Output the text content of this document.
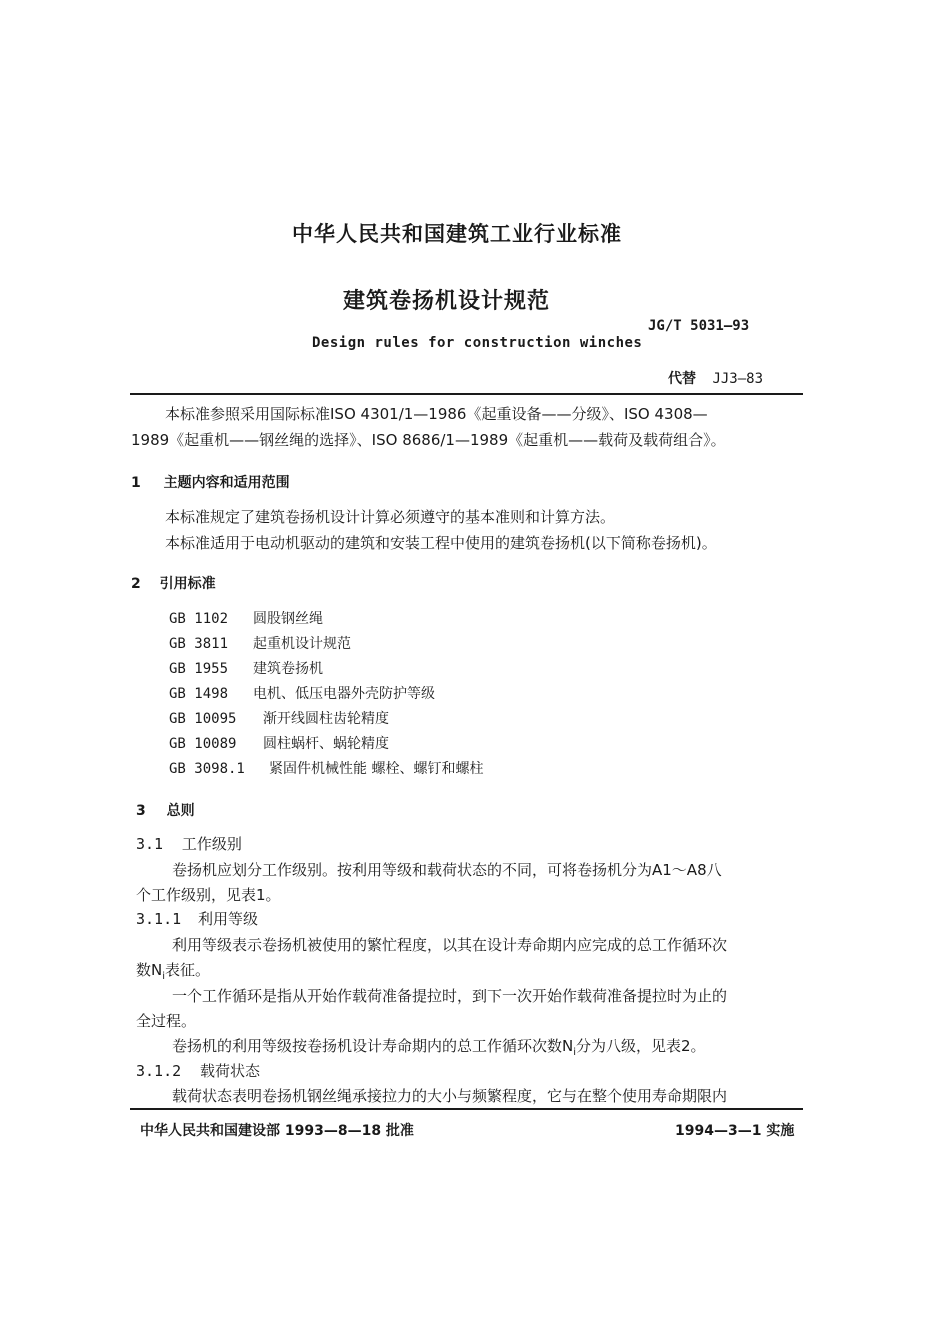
中华人民共和国建筑工业行业标准
建筑卷扬机设计规范
JG/T 5031—93
Design rules for construction winches
代替 JJ3—83
本标准参照采用国际标准ISO 4301/1—1986《起重设备——分级》、ISO 4308—
1989《起重机——钢丝绳的选择》、ISO 8686/1—1989《起重机——载荷及载荷组合》。
1 主题内容和适用范围
本标准规定了建筑卷扬机设计计算必须遵守的基本准则和计算方法。
本标准适用于电动机驱动的建筑和安装工程中使用的建筑卷扬机(以下简称卷扬机)。
2 引用标准
GB 1102 圆股钢丝绳
GB 3811 起重机设计规范
GB 1955 建筑卷扬机
GB 1498 电机、低压电器外壳防护等级
GB 10095 渐开线圆柱齿轮精度
GB 10089 圆柱蜗杆、蜗轮精度
GB 3098.1 紧固件机械性能 螺栓、螺钉和螺柱
3 总则
3.1 工作级别
卷扬机应划分工作级别。按利用等级和载荷状态的不同，可将卷扬机分为A1～A8八
个工作级别，见表1。
3.1.1 利用等级
利用等级表示卷扬机被使用的繁忙程度，以其在设计寿命期内应完成的总工作循环次
数$N_i$表征。
一个工作循环是指从开始作载荷准备提拉时，到下一次开始作载荷准备提拉时为止的
全过程。
卷扬机的利用等级按卷扬机设计寿命期内的总工作循环次数$N_i$分为八级，见表2。
3.1.2 载荷状态
载荷状态表明卷扬机钢丝绳承接拉力的大小与频繁程度，它与在整个使用寿命期限内
中华人民共和国建设部 1993—8—18 批准	1994—3—1 实施
